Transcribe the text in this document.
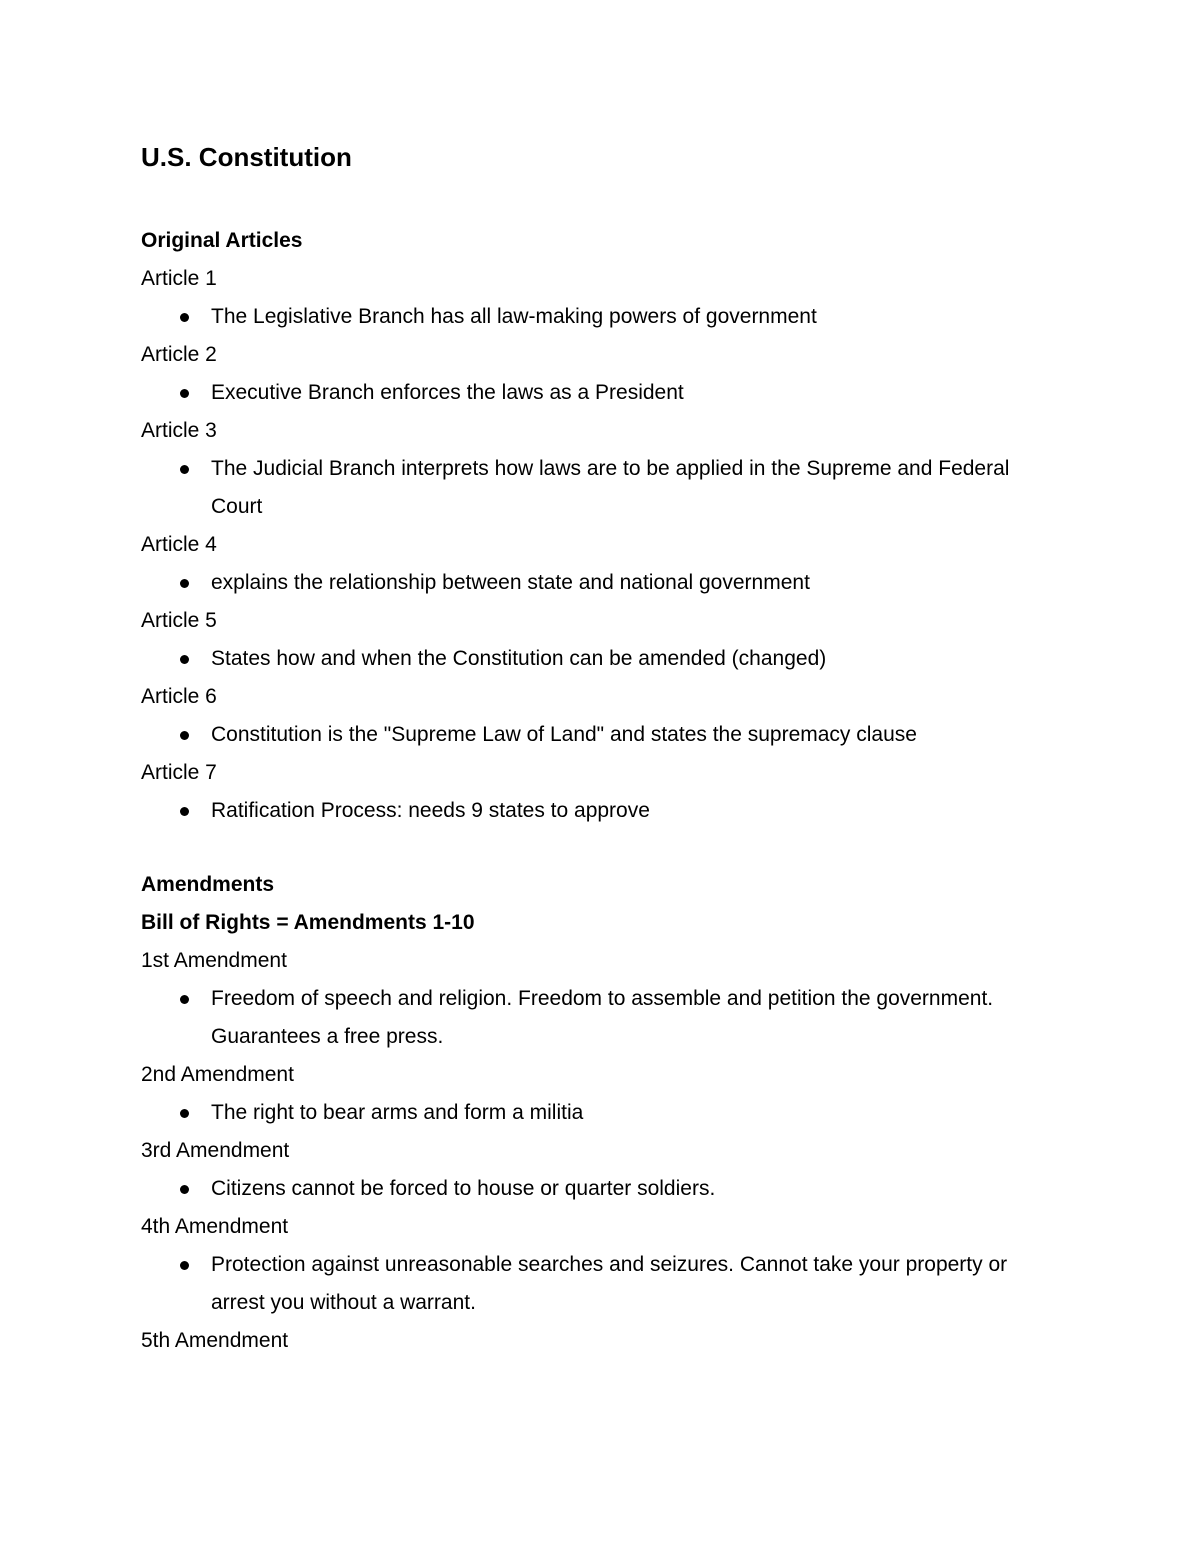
U.S. Constitution
Original Articles
Article 1
The Legislative Branch has all law-making powers of government
Article 2
Executive Branch enforces the laws as a President
Article 3
The Judicial Branch interprets how laws are to be applied in the Supreme and Federal Court
Article 4
explains the relationship between state and national government
Article 5
States how and when the Constitution can be amended (changed)
Article 6
Constitution is the "Supreme Law of Land" and states the supremacy clause
Article 7
Ratification Process: needs 9 states to approve
Amendments
Bill of Rights = Amendments 1-10
1st Amendment
Freedom of speech and religion. Freedom to assemble and petition the government. Guarantees a free press.
2nd Amendment
The right to bear arms and form a militia
3rd Amendment
Citizens cannot be forced to house or quarter soldiers.
4th Amendment
Protection against unreasonable searches and seizures. Cannot take your property or arrest you without a warrant.
5th Amendment
